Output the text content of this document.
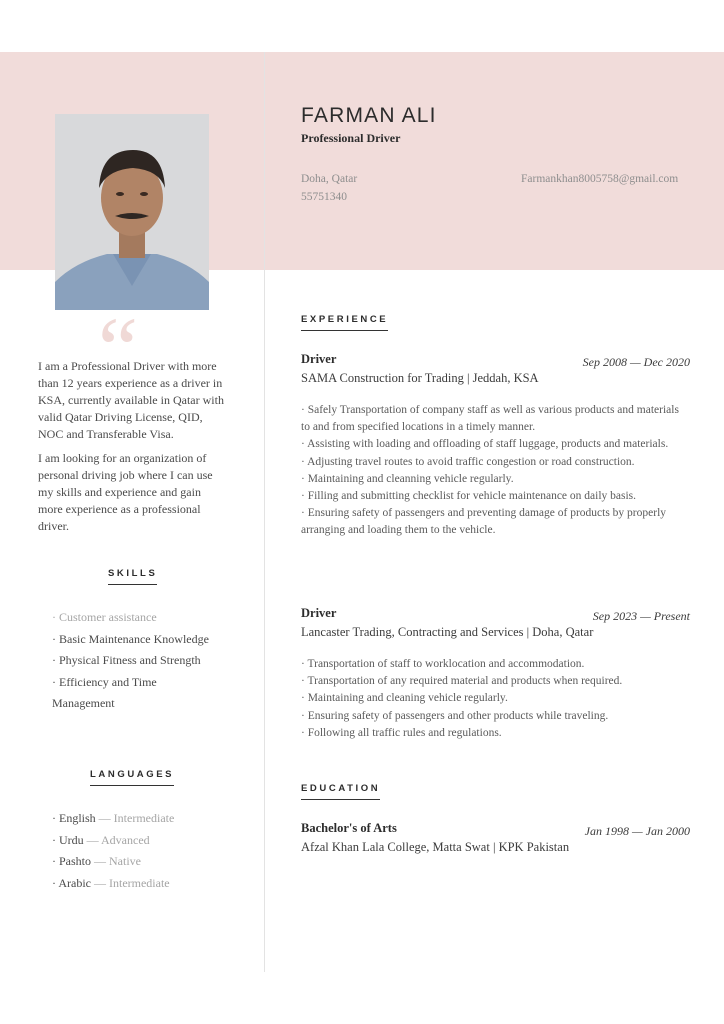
FARMAN ALI
Professional Driver
Doha, Qatar
55751340
Farmankhan8005758@gmail.com
“

I am a Professional Driver with more than 12 years experience as a driver in KSA, currently available in Qatar with valid Qatar Driving License, QID, NOC and Transferable Visa.

I am looking for an organization of personal driving job where I can use my skills and experience and gain more experience as a professional driver.

SKILLS
· Customer assistance
· Basic Maintenance Knowledge
· Physical Fitness and Strength
· Efficiency and Time Management
LANGUAGES
· English — Intermediate
· Urdu — Advanced
· Pashto — Native
· Arabic — Intermediate
EXPERIENCE
Driver	Sep 2008 — Dec 2020
SAMA Construction for Trading | Jeddah, KSA
· Safely Transportation of company staff as well as various products and materials to and from specified locations in a timely manner.
· Assisting with loading and offloading of staff luggage, products and materials.
· Adjusting travel routes to avoid traffic congestion or road construction.
· Maintaining and cleanning vehicle regularly.
· Filling and submitting checklist for vehicle maintenance on daily basis.
· Ensuring safety of passengers and preventing damage of products by properly arranging and loading them to the vehicle.
Driver	Sep 2023 — Present
Lancaster Trading, Contracting and Services | Doha, Qatar
· Transportation of staff to worklocation and accommodation.
· Transportation of any required material and products when required.
· Maintaining and cleaning vehicle regularly.
· Ensuring safety of passengers and other products while traveling.
· Following all traffic rules and regulations.
EDUCATION
Bachelor's of Arts	Jan 1998 — Jan 2000
Afzal Khan Lala College, Matta Swat | KPK Pakistan
